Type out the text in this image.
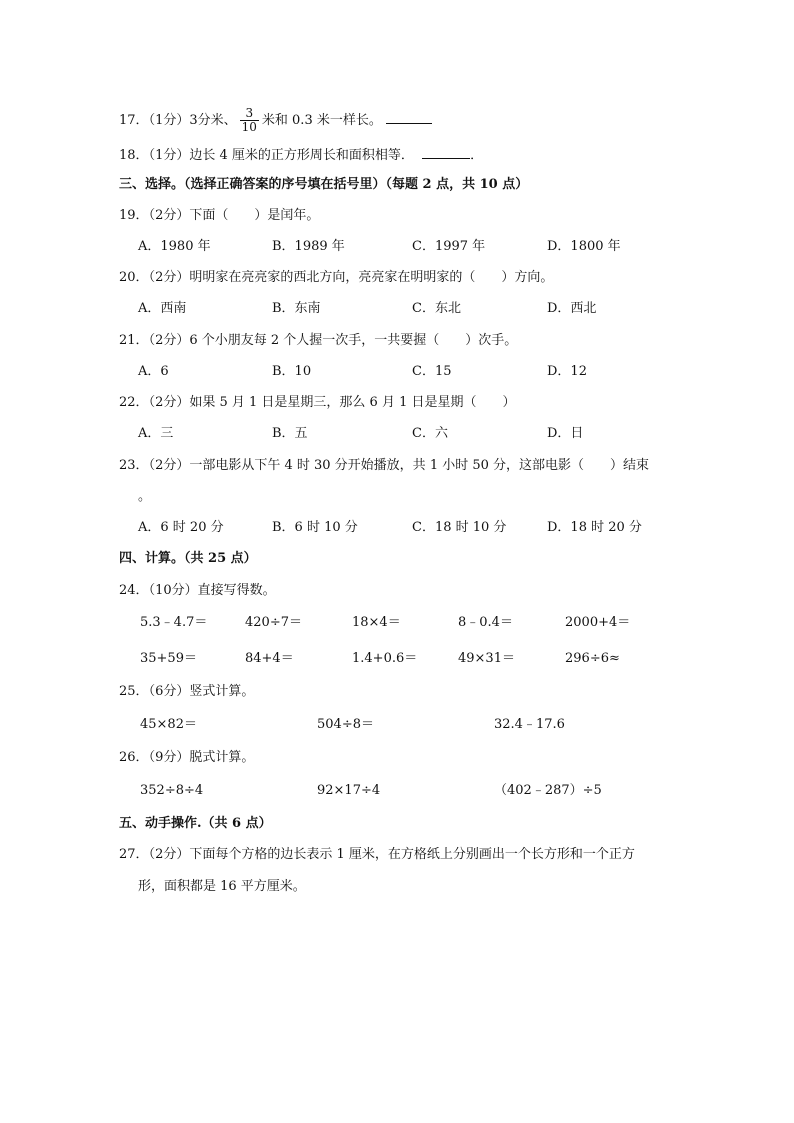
17．（1分）3分米、 $\frac{3}{10}$ 米和 0.3 米一样长。
18．（1分）边长 4 厘米的正方形周长和面积相等．	．
三、选择。（选择正确答案的序号填在括号里）（每题 2 点，共 10 点）
19．（2分）下面（　　）是闰年。
A．1980 年	B．1989 年	C．1997 年	D．1800 年
20．（2分）明明家在亮亮家的西北方向，亮亮家在明明家的（　　）方向。
A．西南	B．东南	C．东北	D．西北
21．（2分）6 个小朋友每 2 个人握一次手，一共要握（　　）次手。
A．6	B．10	C．15	D．12
22．（2分）如果 5 月 1 日是星期三，那么 6 月 1 日是星期（　　）
A．三	B．五	C．六	D．日
23．（2分）一部电影从下午 4 时 30 分开始播放，共 1 小时 50 分，这部电影（　　）结束
。
A．6 时 20 分	B．6 时 10 分	C．18 时 10 分	D．18 时 20 分
四、计算。（共 25 点）
24．（10分）直接写得数。
5.3﹣4.7＝	420÷7＝	18×4＝	8﹣0.4＝	2000+4＝
35+59＝	84+4＝	1.4+0.6＝	49×31＝	296÷6≈
25．（6分）竖式计算。
45×82＝	504÷8＝	32.4﹣17.6
26．（9分）脱式计算。
352÷8÷4	92×17÷4	（402﹣287）÷5
五、动手操作.（共 6 点）
27．（2分）下面每个方格的边长表示 1 厘米，在方格纸上分别画出一个长方形和一个正方
形，面积都是 16 平方厘米。
